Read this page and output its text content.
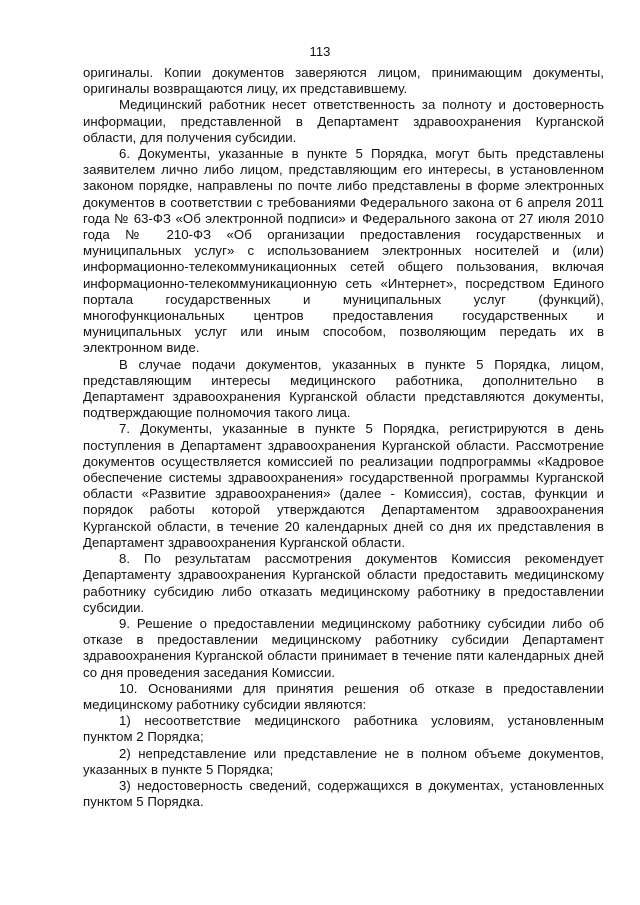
113

оригиналы. Копии документов заверяются лицом, принимающим документы, оригиналы возвращаются лицу, их представившему.

Медицинский работник несет ответственность за полноту и достоверность информации, представленной в Департамент здравоохранения Курганской области, для получения субсидии.

6. Документы, указанные в пункте 5 Порядка, могут быть представлены заявителем лично либо лицом, представляющим его интересы, в установленном законом порядке, направлены по почте либо представлены в форме электронных документов в соответствии с требованиями Федерального закона от 6 апреля 2011 года № 63-ФЗ «Об электронной подписи» и Федерального закона от 27 июля 2010 года № 210-ФЗ «Об организации предоставления государственных и муниципальных услуг» с использованием электронных носителей и (или) информационно-телекоммуникационных сетей общего пользования, включая информационно-телекоммуникационную сеть «Интернет», посредством Единого портала государственных и муниципальных услуг (функций), многофункциональных центров предоставления государственных и муниципальных услуг или иным способом, позволяющим передать их в электронном виде.

В случае подачи документов, указанных в пункте 5 Порядка, лицом, представляющим интересы медицинского работника, дополнительно в Департамент здравоохранения Курганской области представляются документы, подтверждающие полномочия такого лица.

7. Документы, указанные в пункте 5 Порядка, регистрируются в день поступления в Департамент здравоохранения Курганской области. Рассмотрение документов осуществляется комиссией по реализации подпрограммы «Кадровое обеспечение системы здравоохранения» государственной программы Курганской области «Развитие здравоохранения» (далее - Комиссия), состав, функции и порядок работы которой утверждаются Департаментом здравоохранения Курганской области, в течение 20 календарных дней со дня их представления в Департамент здравоохранения Курганской области.

8. По результатам рассмотрения документов Комиссия рекомендует Департаменту здравоохранения Курганской области предоставить медицинскому работнику субсидию либо отказать медицинскому работнику в предоставлении субсидии.

9. Решение о предоставлении медицинскому работнику субсидии либо об отказе в предоставлении медицинскому работнику субсидии Департамент здравоохранения Курганской области принимает в течение пяти календарных дней со дня проведения заседания Комиссии.

10. Основаниями для принятия решения об отказе в предоставлении медицинскому работнику субсидии являются:

1) несоответствие медицинского работника условиям, установленным пунктом 2 Порядка;

2) непредставление или представление не в полном объеме документов, указанных в пункте 5 Порядка;

3) недостоверность сведений, содержащихся в документах, установленных пунктом 5 Порядка.
